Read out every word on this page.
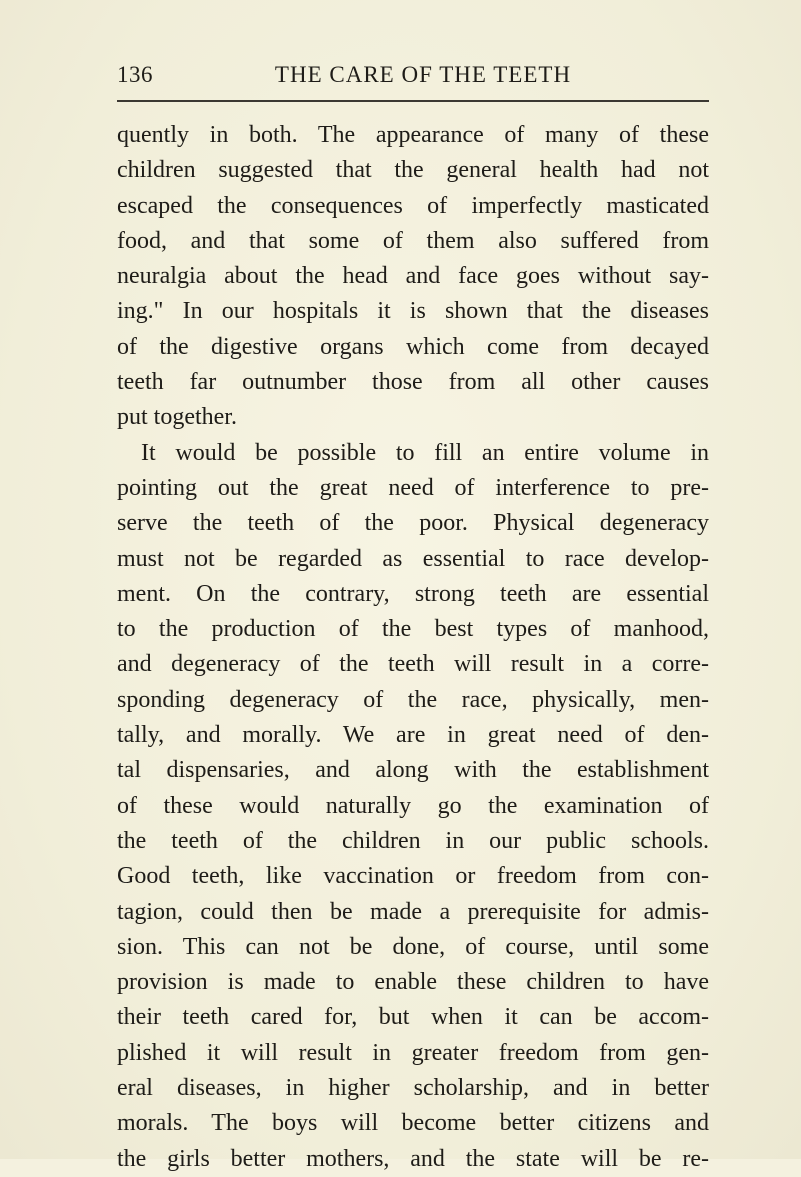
136	THE CARE OF THE TEETH
quently in both. The appearance of many of these
children suggested that the general health had not
escaped the consequences of imperfectly masticated
food, and that some of them also suffered from
neuralgia about the head and face goes without say-
ing." In our hospitals it is shown that the diseases
of the digestive organs which come from decayed
teeth far outnumber those from all other causes
put together.
It would be possible to fill an entire volume in
pointing out the great need of interference to pre-
serve the teeth of the poor. Physical degeneracy
must not be regarded as essential to race develop-
ment. On the contrary, strong teeth are essential
to the production of the best types of manhood,
and degeneracy of the teeth will result in a corre-
sponding degeneracy of the race, physically, men-
tally, and morally. We are in great need of den-
tal dispensaries, and along with the establishment
of these would naturally go the examination of
the teeth of the children in our public schools.
Good teeth, like vaccination or freedom from con-
tagion, could then be made a prerequisite for admis-
sion. This can not be done, of course, until some
provision is made to enable these children to have
their teeth cared for, but when it can be accom-
plished it will result in greater freedom from gen-
eral diseases, in higher scholarship, and in better
morals. The boys will become better citizens and
the girls better mothers, and the state will be re-
